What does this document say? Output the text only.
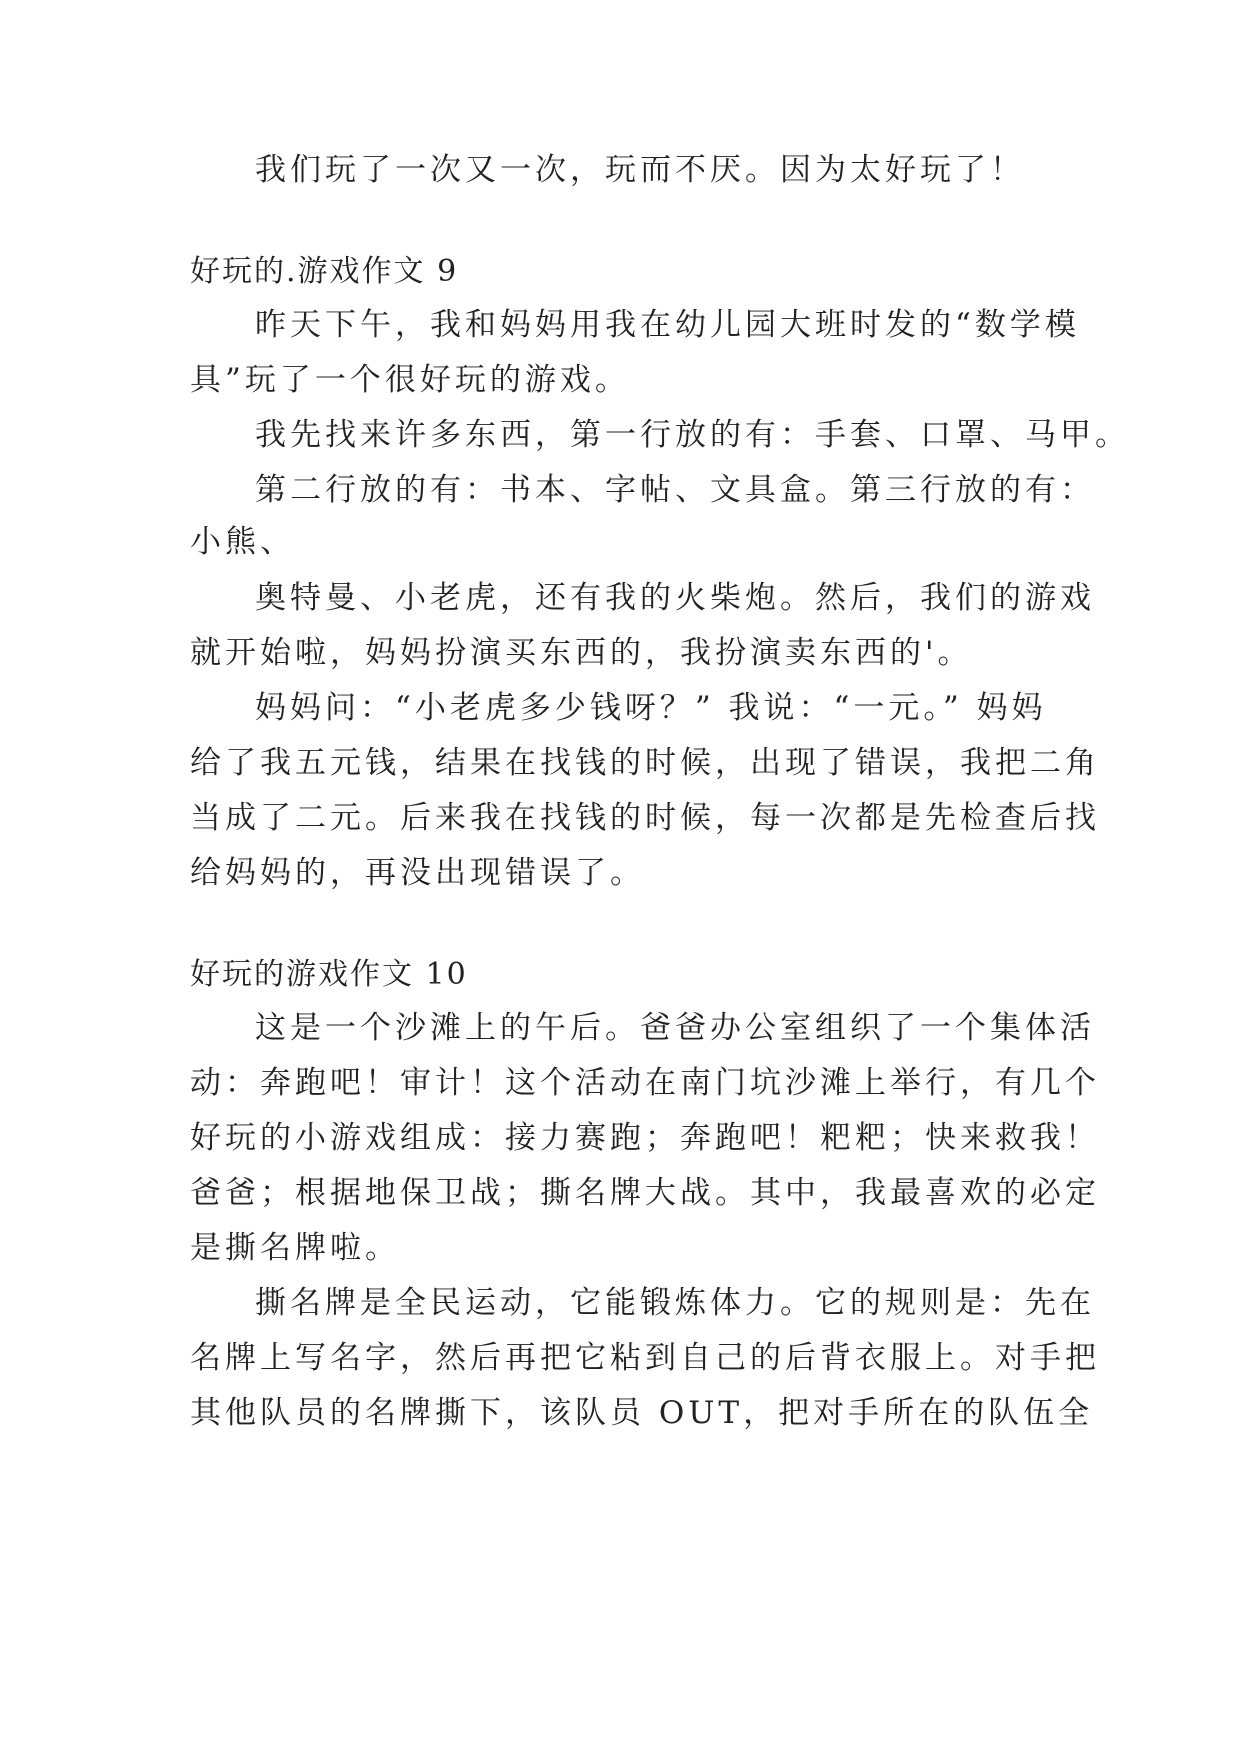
我们玩了一次又一次，玩而不厌。因为太好玩了！

好玩的.游戏作文 9

昨天下午，我和妈妈用我在幼儿园大班时发的“数学模

具”玩了一个很好玩的游戏。

我先找来许多东西，第一行放的有：手套、口罩、马甲。

第二行放的有：书本、字帖、文具盒。第三行放的有：

小熊、

奥特曼、小老虎，还有我的火柴炮。然后，我们的游戏

就开始啦，妈妈扮演买东西的，我扮演卖东西的'。

妈妈问：“小老虎多少钱呀？” 我说：“一元。” 妈妈

给了我五元钱，结果在找钱的时候，出现了错误，我把二角

当成了二元。后来我在找钱的时候，每一次都是先检查后找

给妈妈的，再没出现错误了。

好玩的游戏作文 10

这是一个沙滩上的午后。爸爸办公室组织了一个集体活

动：奔跑吧！审计！这个活动在南门坑沙滩上举行，有几个

好玩的小游戏组成：接力赛跑；奔跑吧！粑粑；快来救我！

爸爸；根据地保卫战；撕名牌大战。其中，我最喜欢的必定

是撕名牌啦。

撕名牌是全民运动，它能锻炼体力。它的规则是：先在

名牌上写名字，然后再把它粘到自己的后背衣服上。对手把

其他队员的名牌撕下，该队员 OUT，把对手所在的队伍全
